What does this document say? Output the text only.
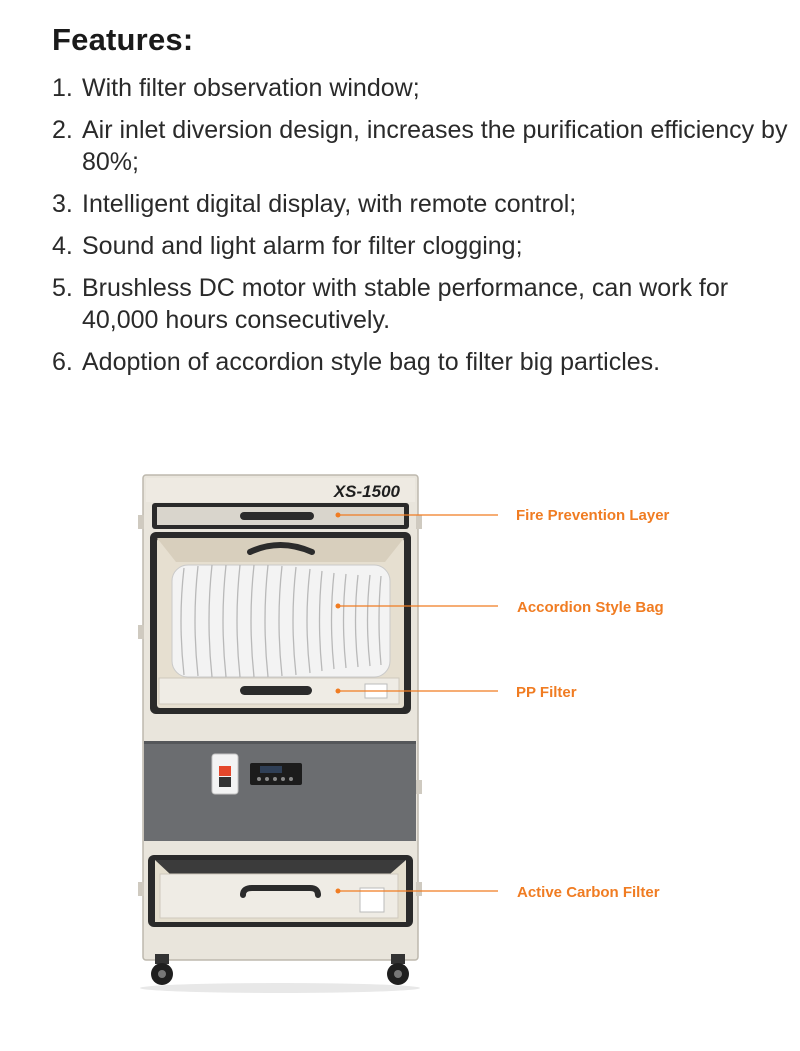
Features:
1. With filter observation window;
2. Air inlet diversion design, increases the purification efficiency by 80%;
3. Intelligent digital display, with remote control;
4. Sound and light alarm for filter clogging;
5. Brushless DC motor with stable performance, can work for 40,000 hours consecutively.
6. Adoption of accordion style bag to filter big particles.
XS-1500
Fire Prevention Layer
Accordion Style Bag
PP Filter
Active Carbon Filter
